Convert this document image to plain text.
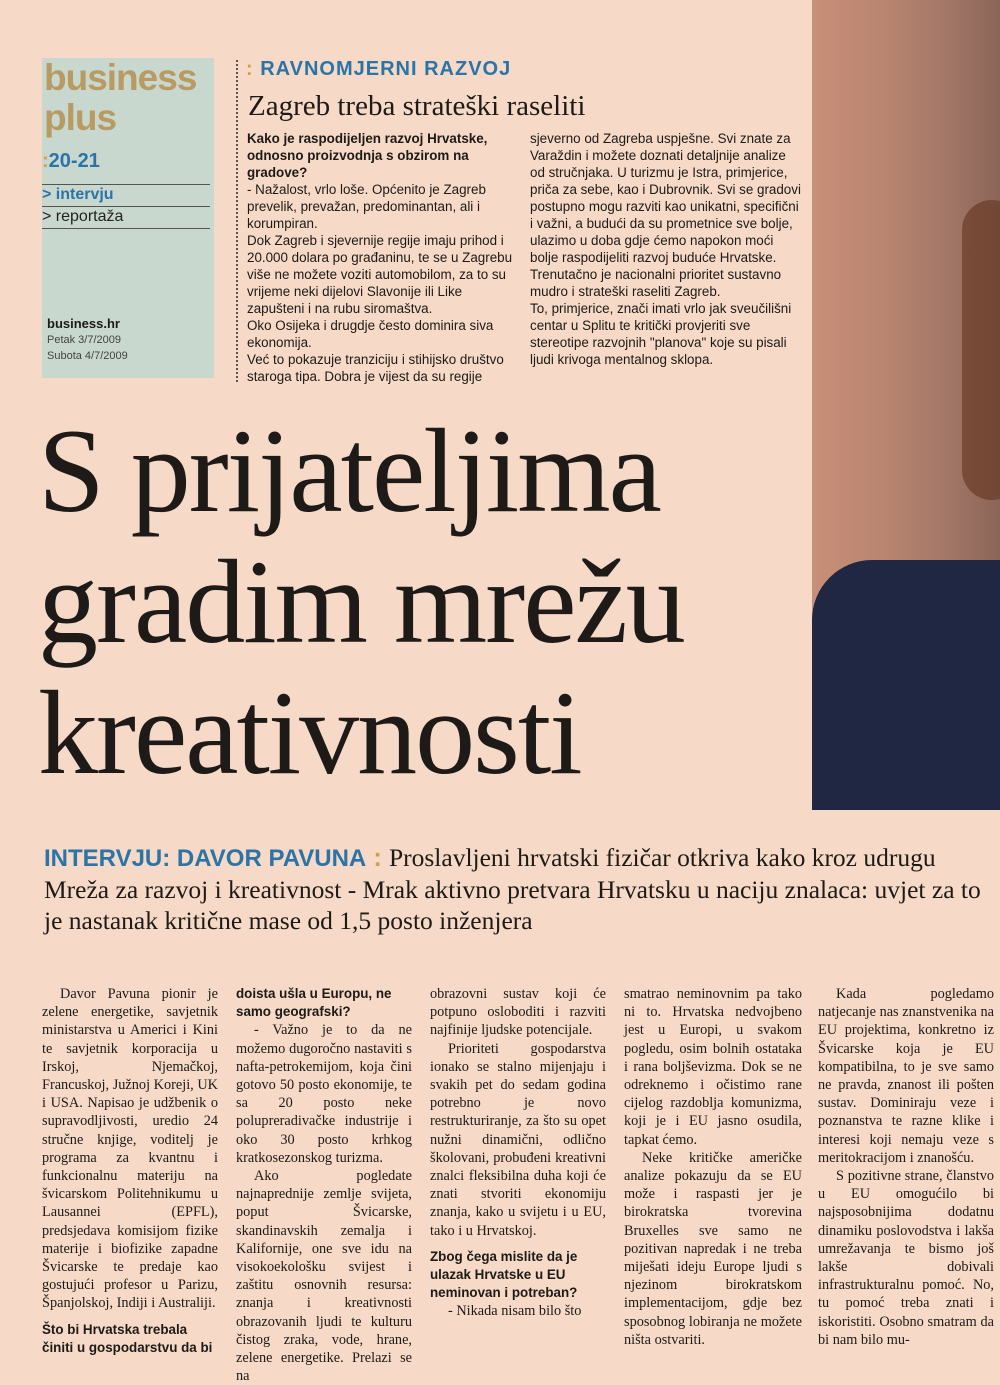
business
plus
:20-21
> intervju
> reportaža
business.hr
Petak 3/7/2009
Subota 4/7/2009
: RAVNOMJERNI RAZVOJ
Zagreb treba strateški raseliti

Kako je raspodijeljen razvoj Hrvatske, odnosno proizvodnja s obzirom na gradove?

- Nažalost, vrlo loše. Općenito je Zagreb prevelik, prevažan, predominantan, ali i korumpiran.

Dok Zagreb i sjevernije regije imaju prihod i 20.000 dolara po građaninu, te se u Zagrebu više ne možete voziti automobilom, za to su vrijeme neki dijelovi Slavonije ili Like zapušteni i na rubu siromaštva.

Oko Osijeka i drugdje često dominira siva ekonomija.

Već to pokazuje tranziciju i stihijsko društvo staroga tipa. Dobra je vijest da su regije

sjeverno od Zagreba uspješne. Svi znate za Varaždin i možete doznati detaljnije analize od stručnjaka. U turizmu je Istra, primjerice, priča za sebe, kao i Dubrovnik. Svi se gradovi postupno mogu razviti kao unikatni, specifični i važni, a budući da su prometnice sve bolje, ulazimo u doba gdje ćemo napokon moći bolje raspodijeliti razvoj buduće Hrvatske.

Trenutačno je nacionalni prioritet sustavno mudro i strateški raseliti Zagreb.

To, primjerice, znači imati vrlo jak sveučilišni centar u Splitu te kritički provjeriti sve stereotipe razvojnih "planova" koje su pisali ljudi krivoga mentalnog sklopa.

S prijateljima
gradim mrežu
kreativnosti
INTERVJU: DAVOR PAVUNA : Proslavljeni hrvatski fizičar otkriva kako kroz udrugu Mreža za razvoj i kreativnost - Mrak aktivno pretvara Hrvatsku u naciju znalaca: uvjet za to je nastanak kritične mase od 1,5 posto inženjera

Davor Pavuna pionir je zelene energetike, savjetnik ministarstva u Americi i Kini te savjetnik korporacija u Irskoj, Njemačkoj, Francuskoj, Južnoj Koreji, UK i USA. Napisao je udžbenik o supravodljivosti, uredio 24 stručne knjige, voditelj je programa za kvantnu i funkcionalnu materiju na švicarskom Politehnikumu u Lausannei (EPFL), predsjedava komisijom fizike materije i biofizike zapadne Švicarske te predaje kao gostujući profesor u Parizu, Španjolskoj, Indiji i Australiji.

Što bi Hrvatska trebala činiti u gospodarstvu da bi

doista ušla u Europu, ne samo geografski?

- Važno je to da ne možemo dugoročno nastaviti s nafta-petrokemijom, koja čini gotovo 50 posto ekonomije, te sa 20 posto neke polupreradivačke industrije i oko 30 posto krhkog kratkosezonskog turizma.

Ako pogledate najnaprednije zemlje svijeta, poput Švicarske, skandinavskih zemalja i Kalifornije, one sve idu na visokoekološku svijest i zaštitu osnovnih resursa: znanja i kreativnosti obrazovanih ljudi te kulturu čistog zraka, vode, hrane, zelene energetike. Prelazi se na

obrazovni sustav koji će potpuno osloboditi i razviti najfinije ljudske potencijale.

Prioriteti gospodarstva ionako se stalno mijenjaju i svakih pet do sedam godina potrebno je novo restrukturiranje, za što su opet nužni dinamični, odlično školovani, probuđeni kreativni znalci fleksibilna duha koji će znati stvoriti ekonomiju znanja, kako u svijetu i u EU, tako i u Hrvatskoj.

Zbog čega mislite da je ulazak Hrvatske u EU neminovan i potreban?

- Nikada nisam bilo što

smatrao neminovnim pa tako ni to. Hrvatska nedvojbeno jest u Europi, u svakom pogledu, osim bolnih ostataka i rana boljševizma. Dok se ne odreknemo i očistimo rane cijelog razdoblja komunizma, koji je i EU jasno osudila, tapkat ćemo.

Neke kritičke američke analize pokazuju da se EU može i raspasti jer je birokratska tvorevina Bruxelles sve samo ne pozitivan napredak i ne treba miješati ideju Europe ljudi s njezinom birokratskom implementacijom, gdje bez sposobnog lobiranja ne možete ništa ostvariti.

Kada pogledamo natjecanje nas znanstvenika na EU projektima, konkretno iz Švicarske koja je EU kompatibilna, to je sve samo ne pravda, znanost ili pošten sustav. Dominiraju veze i poznanstva te razne klike i interesi koji nemaju veze s meritokracijom i znanošću.

S pozitivne strane, članstvo u EU omogućilo bi najsposobnijima dodatnu dinamiku poslovodstva i lakša umrežavanja te bismo još lakše dobivali infrastrukturalnu pomoć. No, tu pomoć treba znati i iskoristiti. Osobno smatram da bi nam bilo mu-
